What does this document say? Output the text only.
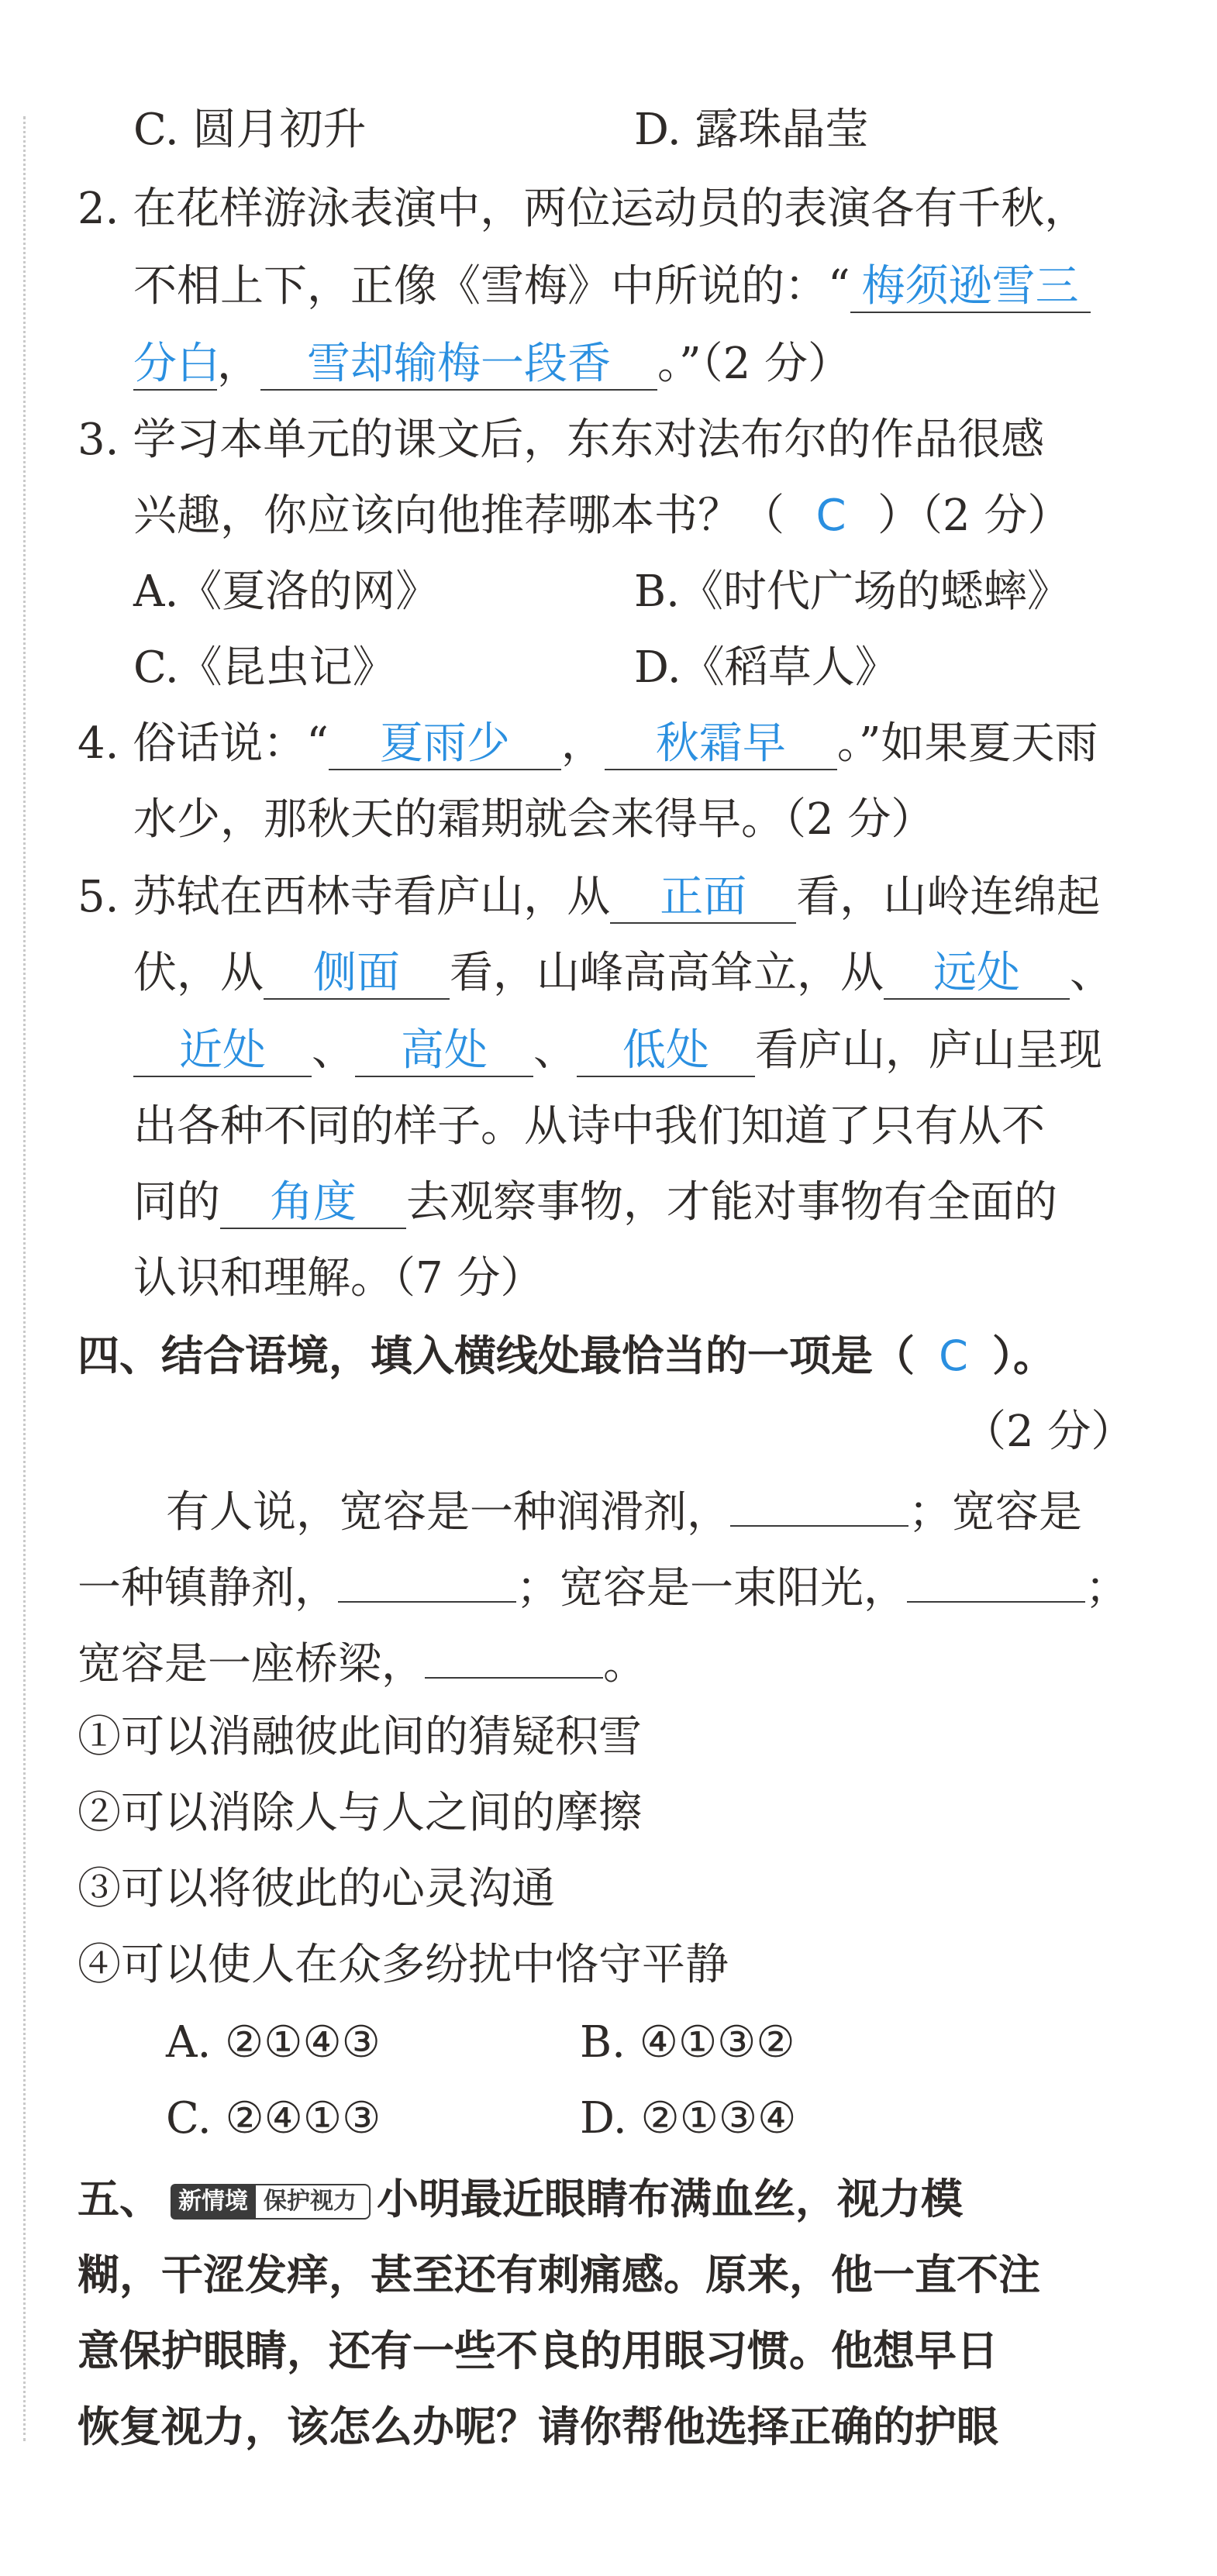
C. 圆月初升	D. 露珠晶莹
2. 在花样游泳表演中，两位运动员的表演各有千秋，
不相上下，正像《雪梅》中所说的：“ 梅须逊雪三
分白， 雪却输梅一段香 。”（2 分）
3. 学习本单元的课文后，东东对法布尔的作品很感
兴趣，你应该向他推荐哪本书？（ C ）（2 分）
A.《夏洛的网》	B.《时代广场的蟋蟀》
C.《昆虫记》	D.《稻草人》
4. 俗话说：“ 夏雨少 ， 秋霜早 。”如果夏天雨
水少，那秋天的霜期就会来得早。（2 分）
5. 苏轼在西林寺看庐山，从 正面 看，山岭连绵起
伏，从 侧面 看，山峰高高耸立，从 远处 、
近处 、 高处 、 低处 看庐山，庐山呈现
出各种不同的样子。从诗中我们知道了只有从不
同的 角度 去观察事物，才能对事物有全面的
认识和理解。（7 分）
四、结合语境，填入横线处最恰当的一项是（ C ）。
（2 分）
有人说，宽容是一种润滑剂，	；宽容是
一种镇静剂，	；宽容是一束阳光，	；
宽容是一座桥梁，	。
①可以消融彼此间的猜疑积雪
②可以消除人与人之间的摩擦
③可以将彼此的心灵沟通
④可以使人在众多纷扰中恪守平静
A. ②①④③	B. ④①③②
C. ②④①③	D. ②①③④
五、 新情境 保护视力 小明最近眼睛布满血丝，视力模
糊，干涩发痒，甚至还有刺痛感。原来，他一直不注
意保护眼睛，还有一些不良的用眼习惯。他想早日
恢复视力，该怎么办呢？请你帮他选择正确的护眼
